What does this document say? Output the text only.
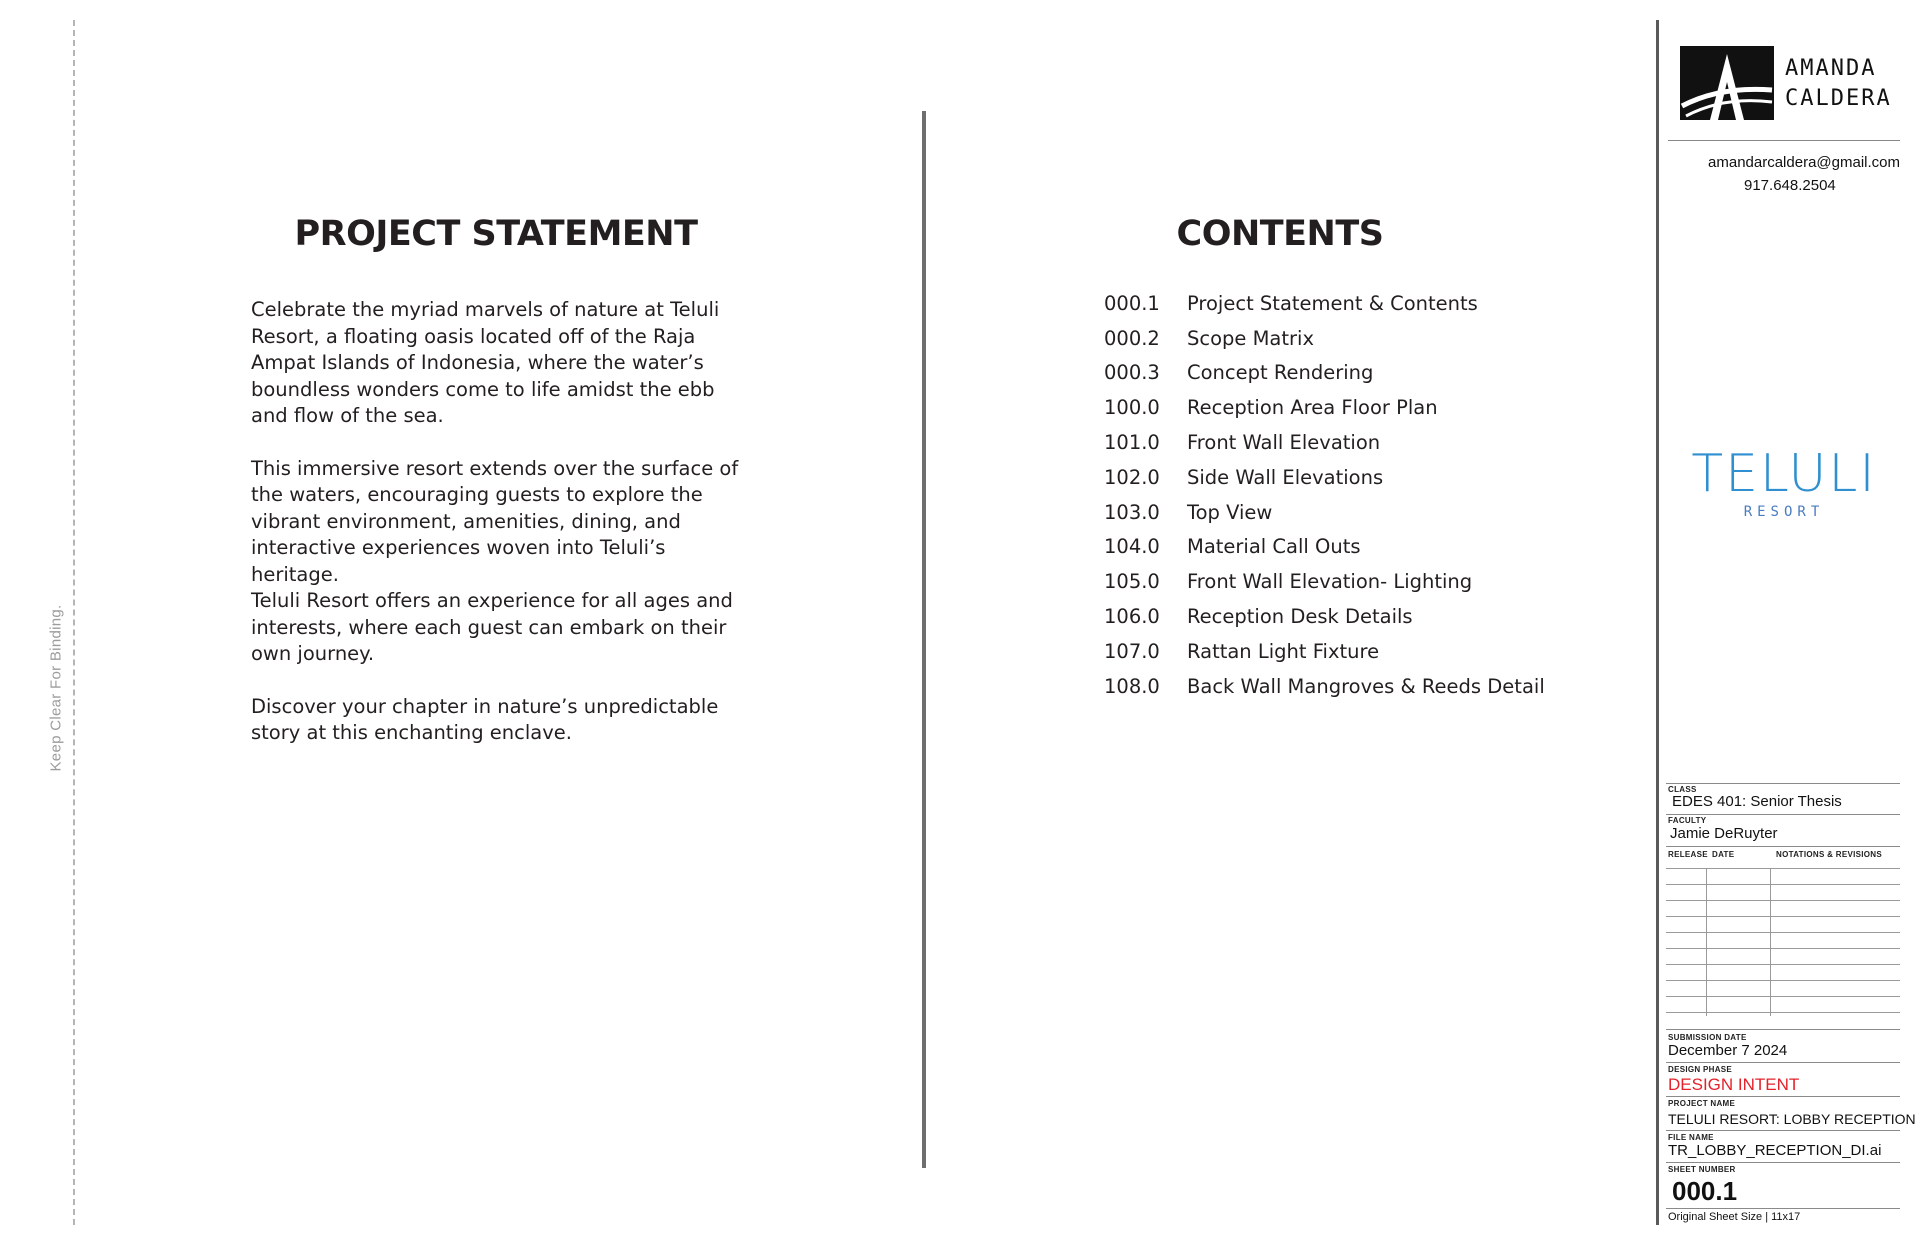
Keep Clear For Binding.
PROJECT STATEMENT

Celebrate the myriad marvels of nature at Teluli Resort, a floating oasis located off of the Raja Ampat Islands of Indonesia, where the water’s boundless wonders come to life amidst the ebb and flow of the sea.

This immersive resort extends over the surface of the waters, encouraging guests to explore the vibrant environment, amenities, dining, and interactive experiences woven into Teluli’s heritage.

Teluli Resort offers an experience for all ages and interests, where each guest can embark on their own journey.

Discover your chapter in nature’s unpredictable story at this enchanting enclave.

CONTENTS
000.1	Project Statement & Contents
000.2	Scope Matrix
000.3	Concept Rendering
100.0	Reception Area Floor Plan
101.0	Front Wall Elevation
102.0	Side Wall Elevations
103.0	Top View
104.0	Material Call Outs
105.0	Front Wall Elevation- Lighting
106.0	Reception Desk Details
107.0	Rattan Light Fixture
108.0	Back Wall Mangroves & Reeds Detail
AMANDA
CALDERA
amandarcaldera@gmail.com
917.648.2504
TELULI
RESORT
CLASS
EDES 401: Senior Thesis
FACULTY
Jamie DeRuyter
RELEASE DATE	NOTATIONS & REVISIONS
SUBMISSION DATE
December 7 2024
DESIGN PHASE
DESIGN INTENT
PROJECT NAME
TELULI RESORT: LOBBY RECEPTION
FILE NAME
TR_LOBBY_RECEPTION_DI.ai
SHEET NUMBER
000.1
Original Sheet Size | 11x17
